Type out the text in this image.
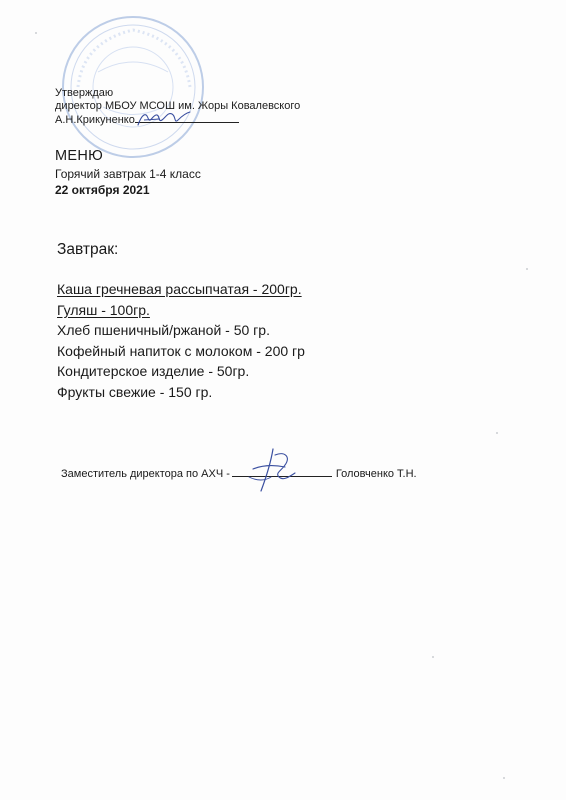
Утверждаю
директор МБОУ МСОШ им. Жоры Ковалевского
А.Н.Крикуненко
МЕНЮ
Горячий завтрак 1-4 класс
22 октября 2021
Завтрак:
Каша гречневая рассыпчатая - 200гр.
Гуляш - 100гр.
Хлеб пшеничный/ржаной - 50 гр.
Кофейный напиток с молоком - 200 гр
Кондитерское изделие - 50гр.
Фрукты свежие - 150 гр.
Заместитель директора по АХЧ -	Головченко Т.Н.
